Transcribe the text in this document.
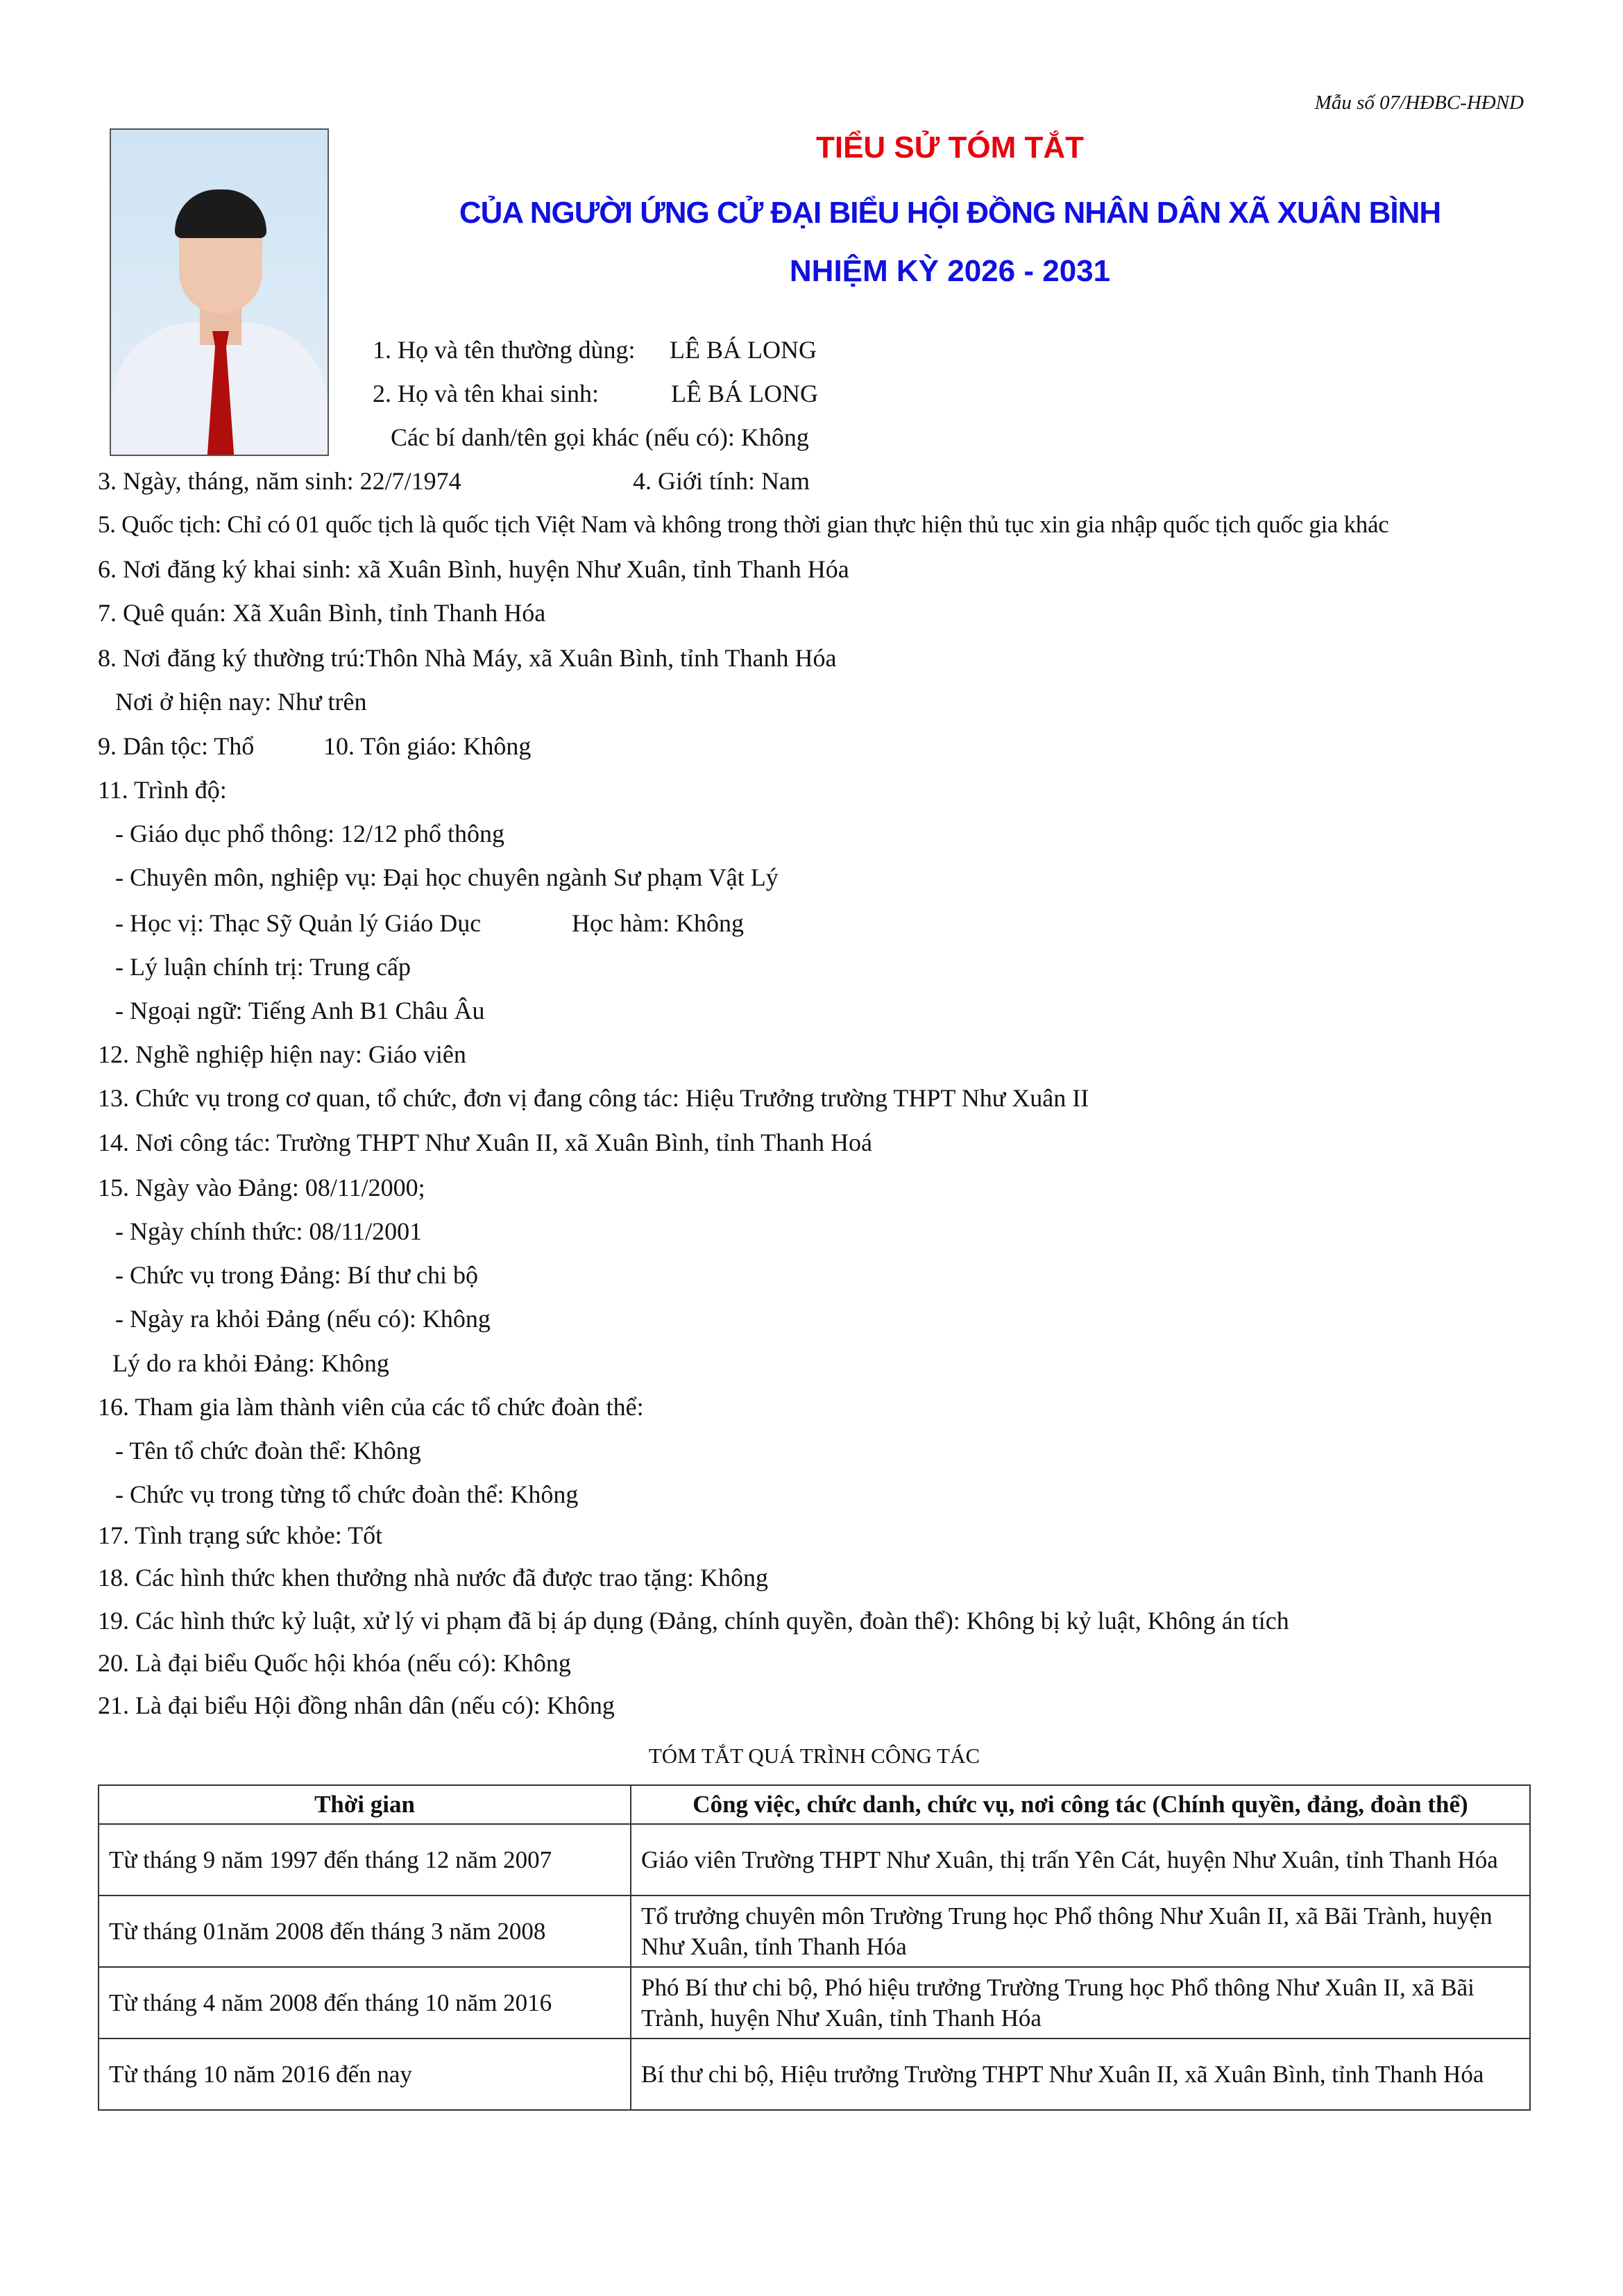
Mẫu số 07/HĐBC-HĐND
TIỂU SỬ TÓM TẮT
CỦA NGƯỜI ỨNG CỬ ĐẠI BIỂU HỘI ĐỒNG NHÂN DÂN XÃ XUÂN BÌNH
NHIỆM KỲ 2026 - 2031
1. Họ và tên thường dùng: LÊ BÁ LONG
2. Họ và tên khai sinh:	LÊ BÁ LONG
Các bí danh/tên gọi khác (nếu có): Không
3. Ngày, tháng, năm sinh: 22/7/1974	4. Giới tính: Nam
5. Quốc tịch: Chỉ có 01 quốc tịch là quốc tịch Việt Nam và không trong thời gian thực hiện thủ tục xin gia nhập quốc tịch quốc gia khác
6. Nơi đăng ký khai sinh: xã Xuân Bình, huyện Như Xuân, tỉnh Thanh Hóa
7. Quê quán: Xã Xuân Bình, tỉnh Thanh Hóa
8. Nơi đăng ký thường trú:Thôn Nhà Máy, xã Xuân Bình, tỉnh Thanh Hóa
Nơi ở hiện nay: Như trên
9. Dân tộc: Thổ	10. Tôn giáo: Không
11. Trình độ:
- Giáo dục phổ thông: 12/12 phổ thông
- Chuyên môn, nghiệp vụ: Đại học chuyên ngành Sư phạm Vật Lý
- Học vị: Thạc Sỹ Quản lý Giáo Dục	Học hàm: Không
- Lý luận chính trị: Trung cấp
- Ngoại ngữ: Tiếng Anh B1 Châu Âu
12. Nghề nghiệp hiện nay: Giáo viên
13. Chức vụ trong cơ quan, tổ chức, đơn vị đang công tác: Hiệu Trưởng trường THPT Như Xuân II
14. Nơi công tác: Trường THPT Như Xuân II, xã Xuân Bình, tỉnh Thanh Hoá
15. Ngày vào Đảng: 08/11/2000;
- Ngày chính thức: 08/11/2001
- Chức vụ trong Đảng: Bí thư chi bộ
- Ngày ra khỏi Đảng (nếu có): Không
Lý do ra khỏi Đảng: Không
16. Tham gia làm thành viên của các tổ chức đoàn thể:
- Tên tổ chức đoàn thể: Không
- Chức vụ trong từng tổ chức đoàn thể: Không
17. Tình trạng sức khỏe: Tốt
18. Các hình thức khen thưởng nhà nước đã được trao tặng: Không
19. Các hình thức kỷ luật, xử lý vi phạm đã bị áp dụng (Đảng, chính quyền, đoàn thể): Không bị kỷ luật, Không án tích
20. Là đại biểu Quốc hội khóa (nếu có): Không
21. Là đại biểu Hội đồng nhân dân (nếu có): Không
TÓM TẮT QUÁ TRÌNH CÔNG TÁC
Thời gian	Công việc, chức danh, chức vụ, nơi công tác (Chính quyền, đảng, đoàn thể)
Từ tháng 9 năm 1997 đến tháng 12 năm 2007	Giáo viên Trường THPT Như Xuân, thị trấn Yên Cát, huyện Như Xuân, tỉnh Thanh Hóa
Từ tháng 01năm 2008 đến tháng 3 năm 2008	Tổ trưởng chuyên môn Trường Trung học Phổ thông Như Xuân II, xã Bãi Trành, huyện Như Xuân, tỉnh Thanh Hóa
Từ tháng 4 năm 2008 đến tháng 10 năm 2016	Phó Bí thư chi bộ, Phó hiệu trưởng Trường Trung học Phổ thông Như Xuân II, xã Bãi Trành, huyện Như Xuân, tỉnh Thanh Hóa
Từ tháng 10 năm 2016 đến nay	Bí thư chi bộ, Hiệu trưởng Trường THPT Như Xuân II, xã Xuân Bình, tỉnh Thanh Hóa
